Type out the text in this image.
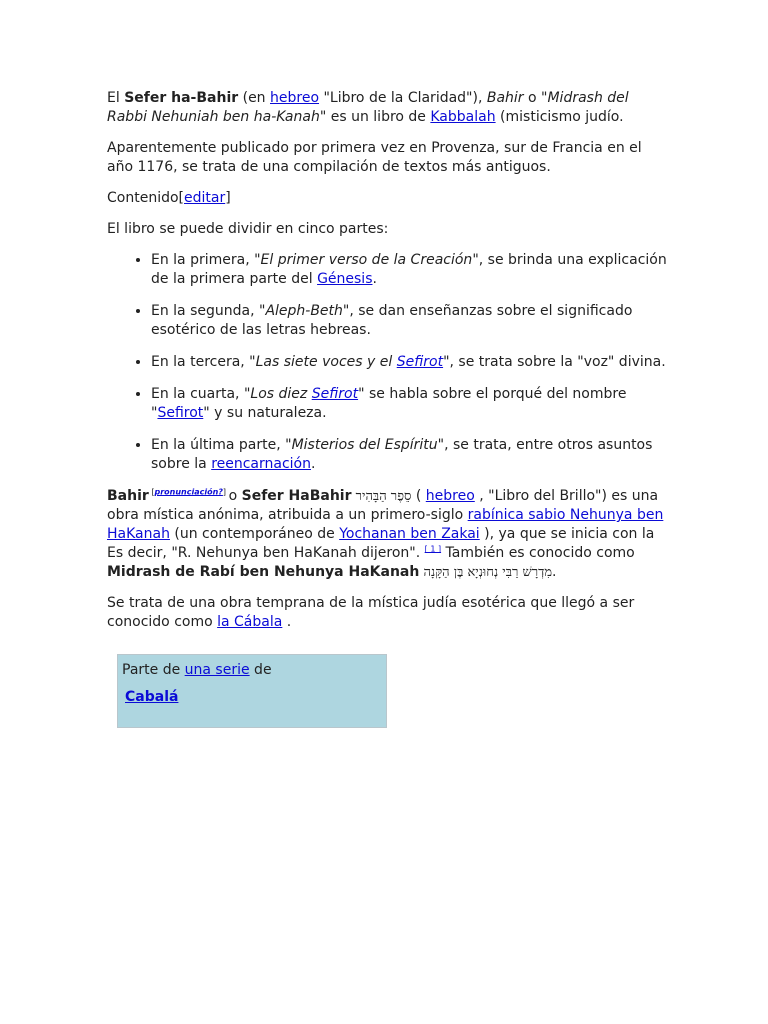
El Sefer ha-Bahir (en hebreo "Libro de la Claridad"), Bahir o "Midrash del Rabbi Nehuniah ben ha-Kanah" es un libro de Kabbalah (misticismo judío.

Aparentemente publicado por primera vez en Provenza, sur de Francia en el año 1176, se trata de una compilación de textos más antiguos.

Contenido[editar]

El libro se puede dividir en cinco partes:

• En la primera, "El primer verso de la Creación", se brinda una explicación de la primera parte del Génesis.
• En la segunda, "Aleph-Beth", se dan enseñanzas sobre el significado esotérico de las letras hebreas.
• En la tercera, "Las siete voces y el Sefirot", se trata sobre la "voz" divina.
• En la cuarta, "Los diez Sefirot" se habla sobre el porqué del nombre "Sefirot" y su naturaleza.
• En la última parte, "Misterios del Espíritu", se trata, entre otros asuntos sobre la reencarnación.

Bahir [pronunciación?] o Sefer HaBahir סֵפֶר הַבָּהִיר ( hebreo , "Libro del Brillo") es una obra mística anónima, atribuida a un primero-siglo rabínica sabio Nehunya ben HaKanah (un contemporáneo de Yochanan ben Zakai ), ya que se inicia con la Es decir, "R. Nehunya ben HaKanah dijeron". [ 1 ] También es conocido como Midrash de Rabí ben Nehunya HaKanah מִדְרָשׁ רַבִּי נְחוּנְיָא בֶּן הַקָּנָה.

Se trata de una obra temprana de la mística judía esotérica que llegó a ser conocido como la Cábala .

Parte de una serie de
Cabalá
